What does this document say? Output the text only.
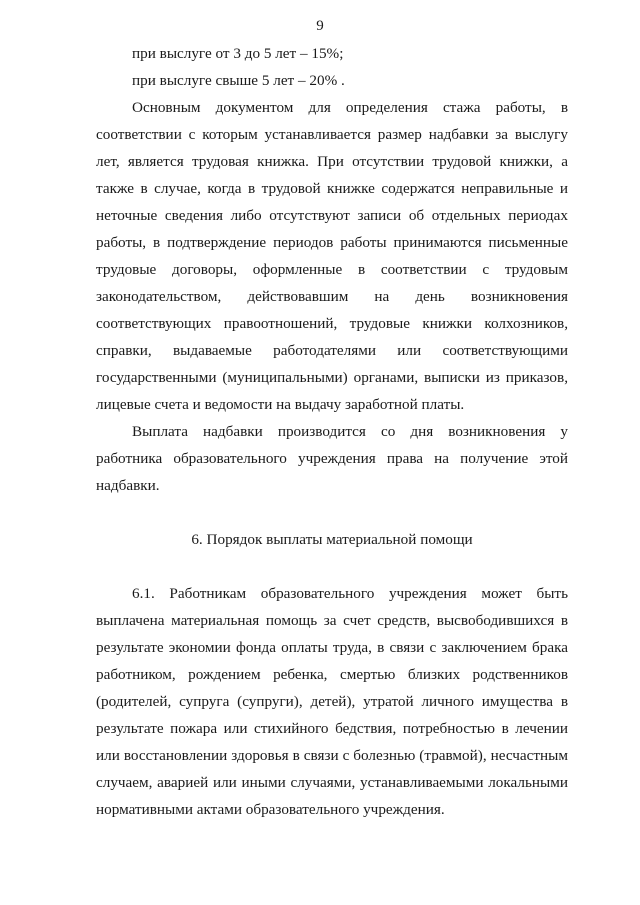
9

при выслуге от 3 до 5 лет – 15%;

при выслуге свыше 5 лет – 20% .

Основным документом для определения стажа работы, в соответствии с которым устанавливается размер надбавки за выслугу лет, является трудовая книжка. При отсутствии трудовой книжки, а также в случае, когда в трудовой книжке содержатся неправильные и неточные сведения либо отсутствуют записи об отдельных периодах работы, в подтверждение периодов работы принимаются письменные трудовые договоры, оформленные в соответствии с трудовым законодательством, действовавшим на день возникновения соответствующих правоотношений, трудовые книжки колхозников, справки, выдаваемые работодателями или соответствующими государственными (муниципальными) органами, выписки из приказов, лицевые счета и ведомости на выдачу заработной платы.

Выплата надбавки производится со дня возникновения у работника образовательного учреждения права на получение этой надбавки.

6. Порядок выплаты материальной помощи

6.1. Работникам образовательного учреждения может быть выплачена материальная помощь за счет средств, высвободившихся в результате экономии фонда оплаты труда, в связи с заключением брака работником, рождением ребенка, смертью близких родственников (родителей, супруга (супруги), детей), утратой личного имущества в результате пожара или стихийного бедствия, потребностью в лечении или восстановлении здоровья в связи с болезнью (травмой), несчастным случаем, аварией или иными случаями, устанавливаемыми локальными нормативными актами образовательного учреждения.
